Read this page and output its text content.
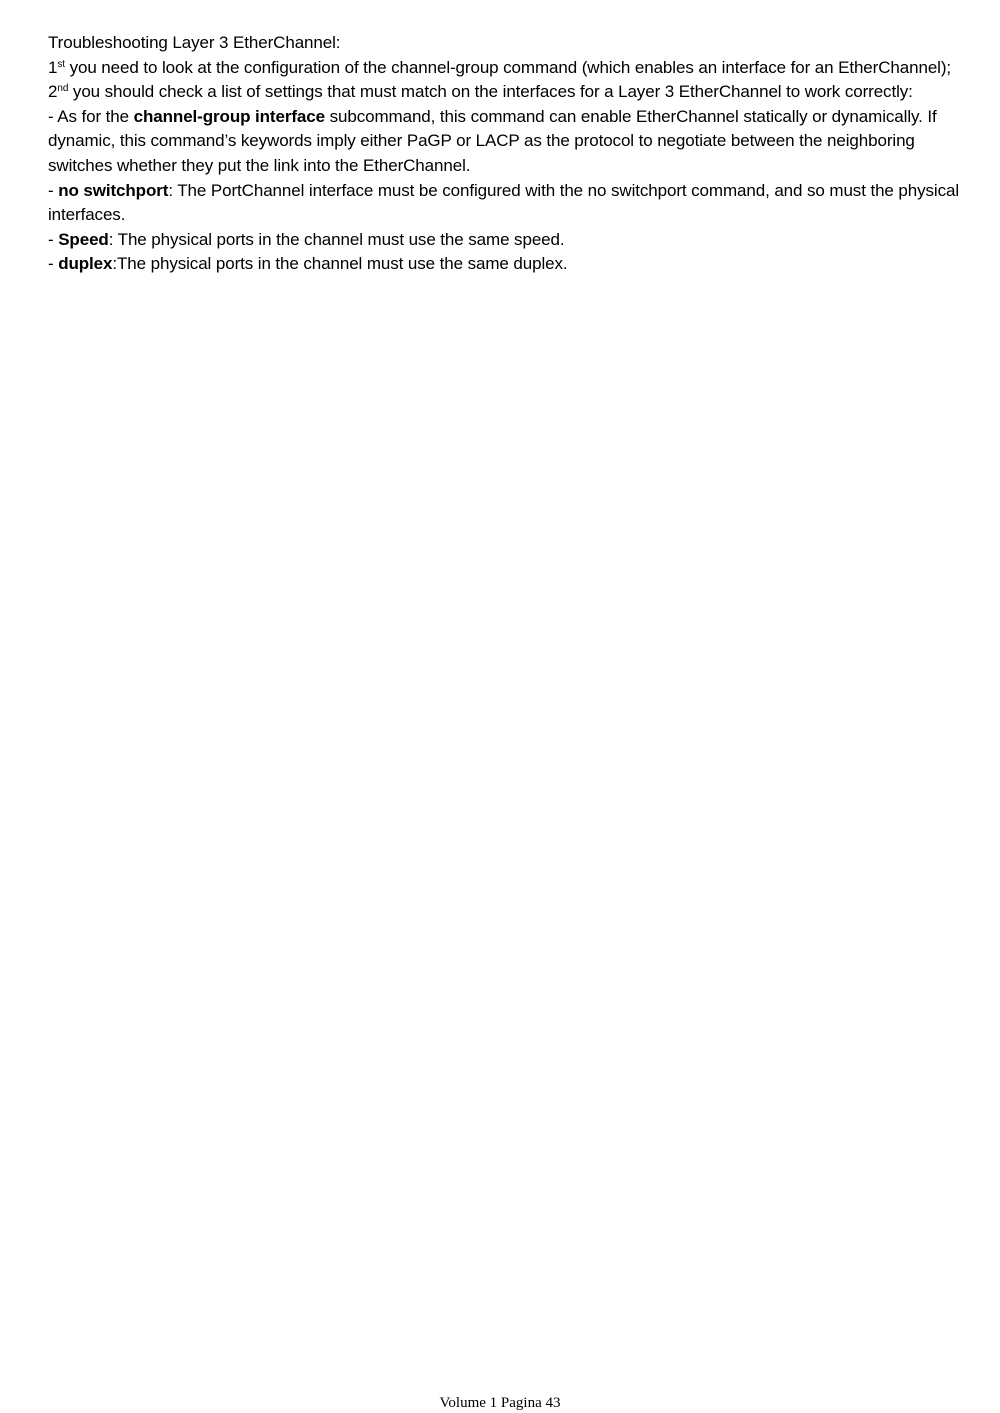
Troubleshooting Layer 3 EtherChannel:

1st you need to look at the configuration of the channel-group command (which enables an interface for an EtherChannel); 2nd you should check a list of settings that must match on the interfaces for a Layer 3 EtherChannel to work correctly:

- As for the channel-group interface subcommand, this command can enable EtherChannel statically or dynamically. If dynamic, this command’s keywords imply either PaGP or LACP as the protocol to negotiate between the neighboring switches whether they put the link into the EtherChannel.

- no switchport: The PortChannel interface must be configured with the no switchport command, and so must the physical interfaces.

- Speed: The physical ports in the channel must use the same speed.

- duplex:The physical ports in the channel must use the same duplex.

Volume 1 Pagina 43
